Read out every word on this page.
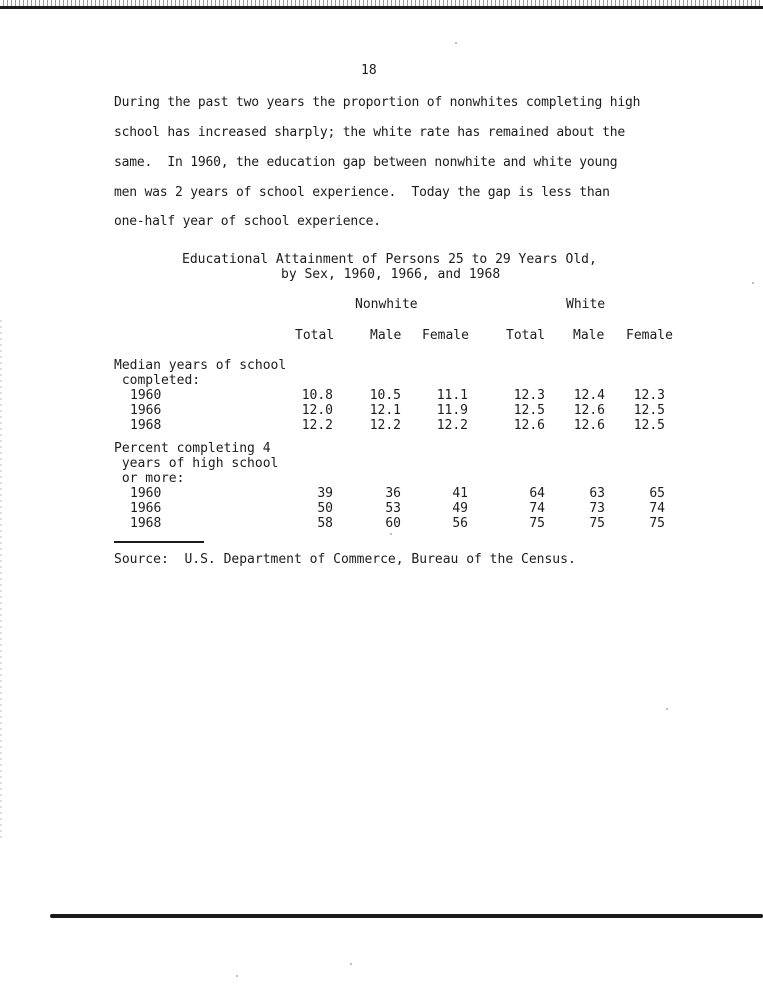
18
During the past two years the proportion of nonwhites completing high
school has increased sharply; the white rate has remained about the
same.  In 1960, the education gap between nonwhite and white young
men was 2 years of school experience.  Today the gap is less than
one-half year of school experience.
Educational Attainment of Persons 25 to 29 Years Old,
by Sex, 1960, 1966, and 1968
Nonwhite	White
Total	Male Female	Total Male Female
Median years of school
completed:
1960	10.8	10.5	11.1	12.3	12.4	12.3
1966	12.0	12.1	11.9	12.5	12.6	12.5
1968	12.2	12.2	12.2	12.6	12.6	12.5
Percent completing 4
years of high school
or more:
1960	39	36	41	64	63	65
1966	50	53	49	74	73	74
1968	58	60	56	75	75	75
Source:  U.S. Department of Commerce, Bureau of the Census.
